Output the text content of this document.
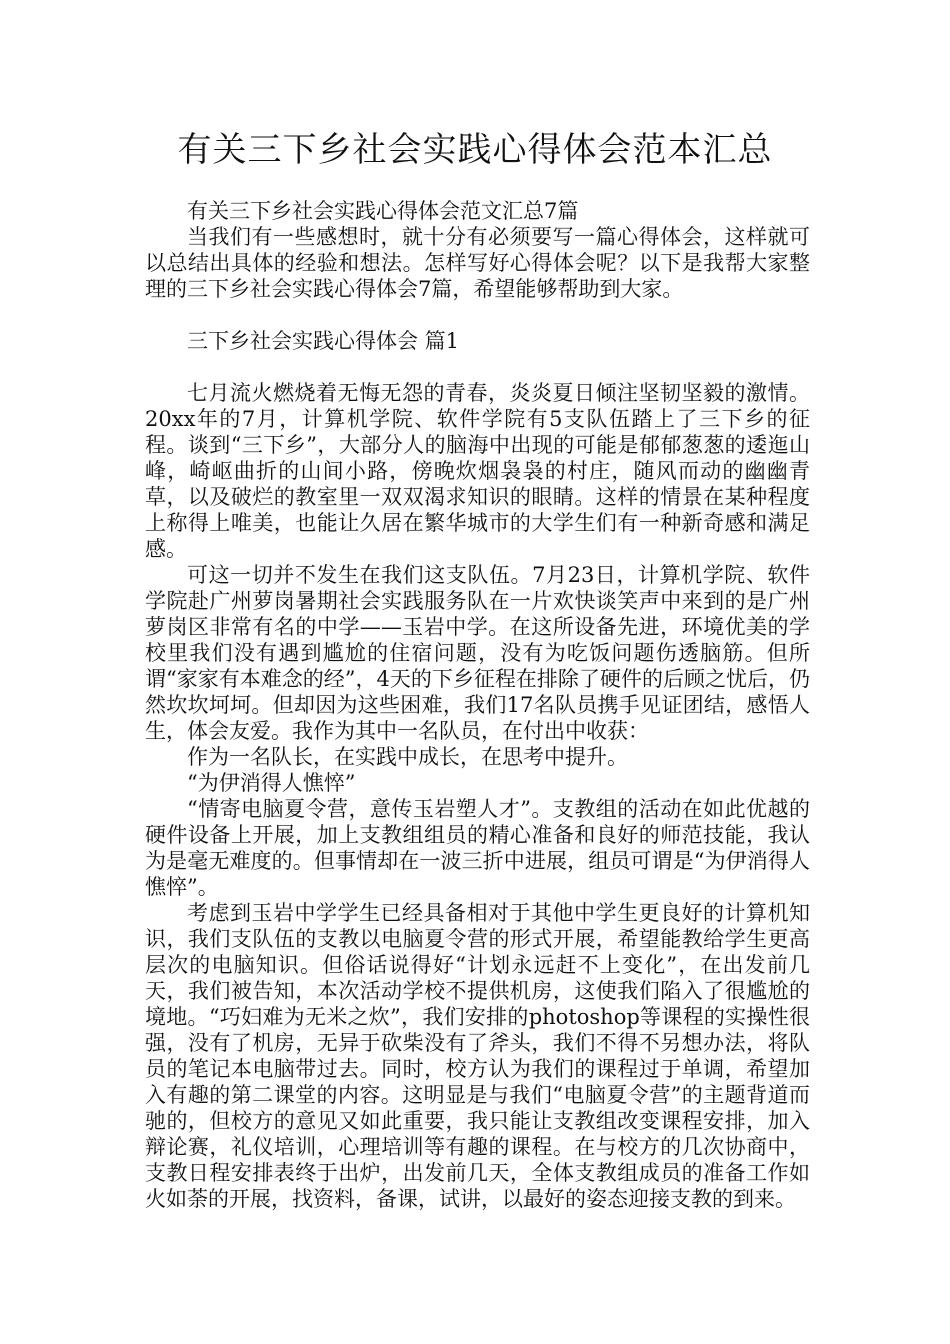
有关三下乡社会实践心得体会范本汇总

有关三下乡社会实践心得体会范文汇总7篇

当我们有一些感想时，就十分有必须要写一篇心得体会，这样就可以总结出具体的经验和想法。怎样写好心得体会呢？以下是我帮大家整理的三下乡社会实践心得体会7篇，希望能够帮助到大家。

三下乡社会实践心得体会 篇1

七月流火燃烧着无悔无怨的青春，炎炎夏日倾注坚韧坚毅的激情。20xx年的7月，计算机学院、软件学院有5支队伍踏上了三下乡的征程。谈到“三下乡”，大部分人的脑海中出现的可能是郁郁葱葱的逶迤山峰，崎岖曲折的山间小路，傍晚炊烟袅袅的村庄，随风而动的幽幽青草，以及破烂的教室里一双双渴求知识的眼睛。这样的情景在某种程度上称得上唯美，也能让久居在繁华城市的大学生们有一种新奇感和满足感。

可这一切并不发生在我们这支队伍。7月23日，计算机学院、软件学院赴广州萝岗暑期社会实践服务队在一片欢快谈笑声中来到的是广州萝岗区非常有名的中学——玉岩中学。在这所设备先进，环境优美的学校里我们没有遇到尴尬的住宿问题，没有为吃饭问题伤透脑筋。但所谓“家家有本难念的经”，4天的下乡征程在排除了硬件的后顾之忧后，仍然坎坎坷坷。但却因为这些困难，我们17名队员携手见证团结，感悟人生，体会友爱。我作为其中一名队员，在付出中收获：

作为一名队长，在实践中成长，在思考中提升。

“为伊消得人憔悴”

“情寄电脑夏令营，意传玉岩塑人才”。支教组的活动在如此优越的硬件设备上开展，加上支教组组员的精心准备和良好的师范技能，我认为是毫无难度的。但事情却在一波三折中进展，组员可谓是“为伊消得人憔悴”。

考虑到玉岩中学学生已经具备相对于其他中学生更良好的计算机知识，我们支队伍的支教以电脑夏令营的形式开展，希望能教给学生更高层次的电脑知识。但俗话说得好“计划永远赶不上变化”，在出发前几天，我们被告知，本次活动学校不提供机房，这使我们陷入了很尴尬的境地。“巧妇难为无米之炊”，我们安排的photoshop等课程的实操性很强，没有了机房，无异于砍柴没有了斧头，我们不得不另想办法，将队员的笔记本电脑带过去。同时，校方认为我们的课程过于单调，希望加入有趣的第二课堂的内容。这明显是与我们“电脑夏令营”的主题背道而驰的，但校方的意见又如此重要，我只能让支教组改变课程安排，加入辩论赛，礼仪培训，心理培训等有趣的课程。在与校方的几次协商中，支教日程安排表终于出炉，出发前几天，全体支教组成员的准备工作如火如荼的开展，找资料，备课，试讲，以最好的姿态迎接支教的到来。
